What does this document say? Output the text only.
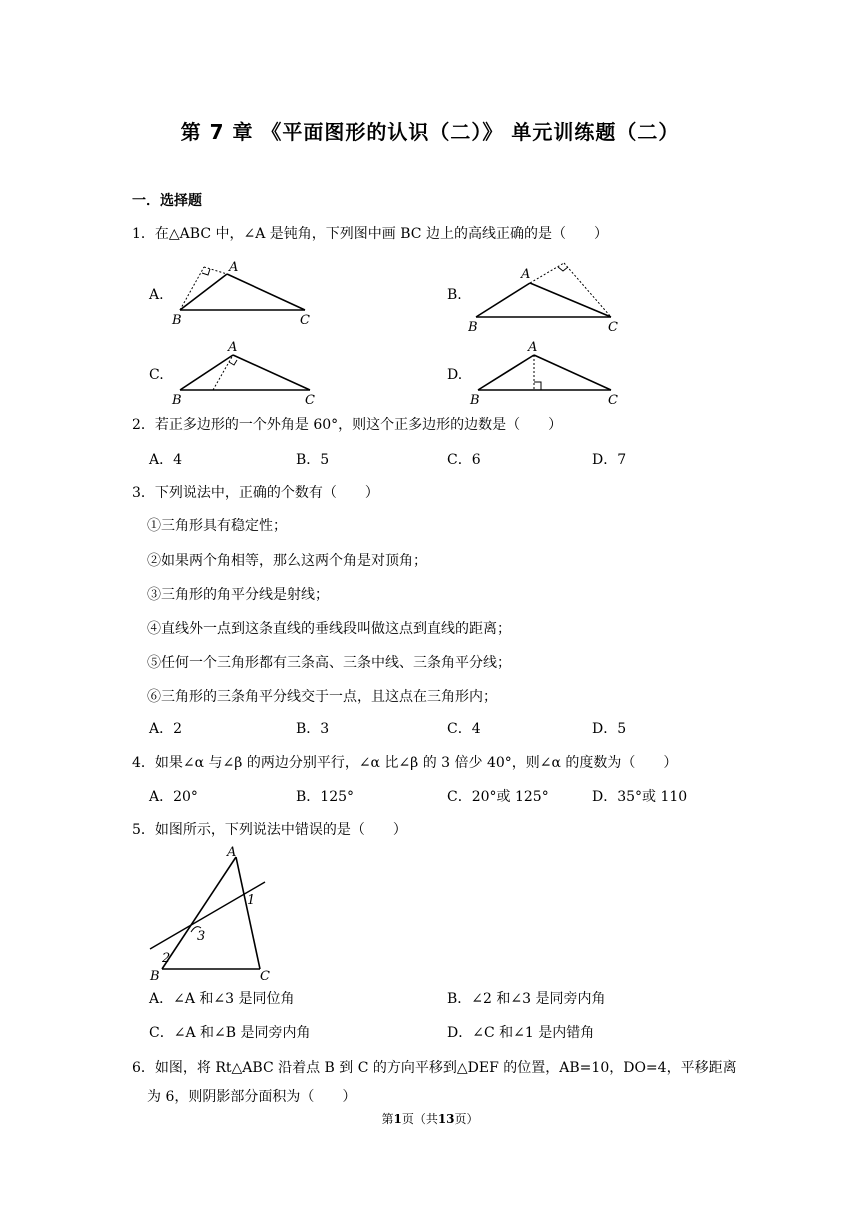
第 7 章 《平面图形的认识（二）》 单元训练题（二）
一．选择题
1．在△ABC 中，∠A 是钝角，下列图中画 BC 边上的高线正确的是（　　）
A.
A
B	C
B.
A
B	C
C.
A
B	C
D.
A
B	C
2．若正多边形的一个外角是 60°，则这个正多边形的边数是（　　）
A．4	B．5	C．6	D．7
3．下列说法中，正确的个数有（　　）
①三角形具有稳定性；
②如果两个角相等，那么这两个角是对顶角；
③三角形的角平分线是射线；
④直线外一点到这条直线的垂线段叫做这点到直线的距离；
⑤任何一个三角形都有三条高、三条中线、三条角平分线；
⑥三角形的三条角平分线交于一点，且这点在三角形内；
A．2	B．3	C．4	D．5
4．如果∠α 与∠β 的两边分别平行，∠α 比∠β 的 3 倍少 40°，则∠α 的度数为（　　）
A．20°	B．125°	C．20°或 125°	D．35°或 110
5．如图所示，下列说法中错误的是（　　）
A
B	C
1
2
3
A．∠A 和∠3 是同位角	B．∠2 和∠3 是同旁内角
C．∠A 和∠B 是同旁内角	D．∠C 和∠1 是内错角
6．如图，将 Rt△ABC 沿着点 B 到 C 的方向平移到△DEF 的位置，AB=10，DO=4，平移距离
为 6，则阴影部分面积为（　　）
第1页（共13页）
